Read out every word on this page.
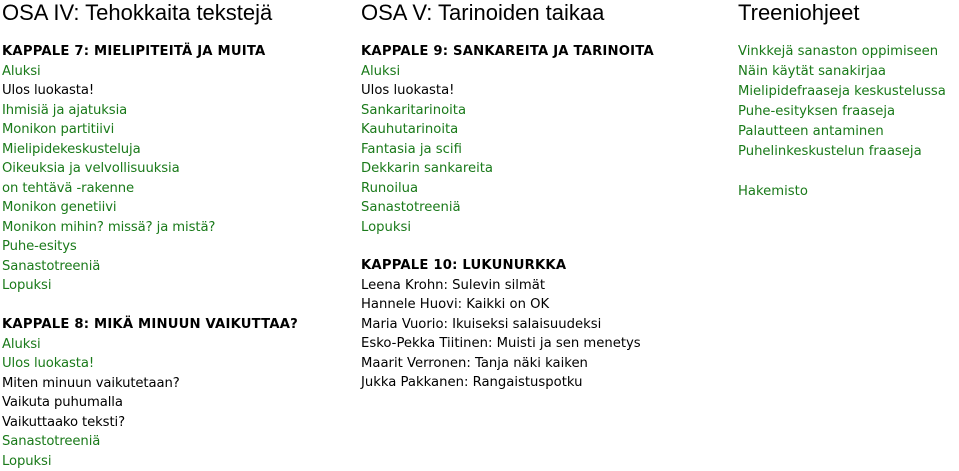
OSA IV: Tehokkaita tekstejä
KAPPALE 7: MIELIPITEITÄ JA MUITA
Aluksi
Ulos luokasta!
Ihmisiä ja ajatuksia
Monikon partitiivi
Mielipidekeskusteluja
Oikeuksia ja velvollisuuksia
on tehtävä -rakenne
Monikon genetiivi
Monikon mihin? missä? ja mistä?
Puhe-esitys
Sanastotreeniä
Lopuksi
KAPPALE 8: MIKÄ MINUUN VAIKUTTAA?
Aluksi
Ulos luokasta!
Miten minuun vaikutetaan?
Vaikuta puhumalla
Vaikuttaako teksti?
Sanastotreeniä
Lopuksi
OSA V: Tarinoiden taikaa
KAPPALE 9: SANKAREITA JA TARINOITA
Aluksi
Ulos luokasta!
Sankaritarinoita
Kauhutarinoita
Fantasia ja scifi
Dekkarin sankareita
Runoilua
Sanastotreeniä
Lopuksi
KAPPALE 10: LUKUNURKKA
Leena Krohn: Sulevin silmät
Hannele Huovi: Kaikki on OK
Maria Vuorio: Ikuiseksi salaisuudeksi
Esko-Pekka Tiitinen: Muisti ja sen menetys
Maarit Verronen: Tanja näki kaiken
Jukka Pakkanen: Rangaistuspotku
Treeniohjeet
Vinkkejä sanaston oppimiseen
Näin käytät sanakirjaa
Mielipidefraaseja keskustelussa
Puhe-esityksen fraaseja
Palautteen antaminen
Puhelinkeskustelun fraaseja
Hakemisto
